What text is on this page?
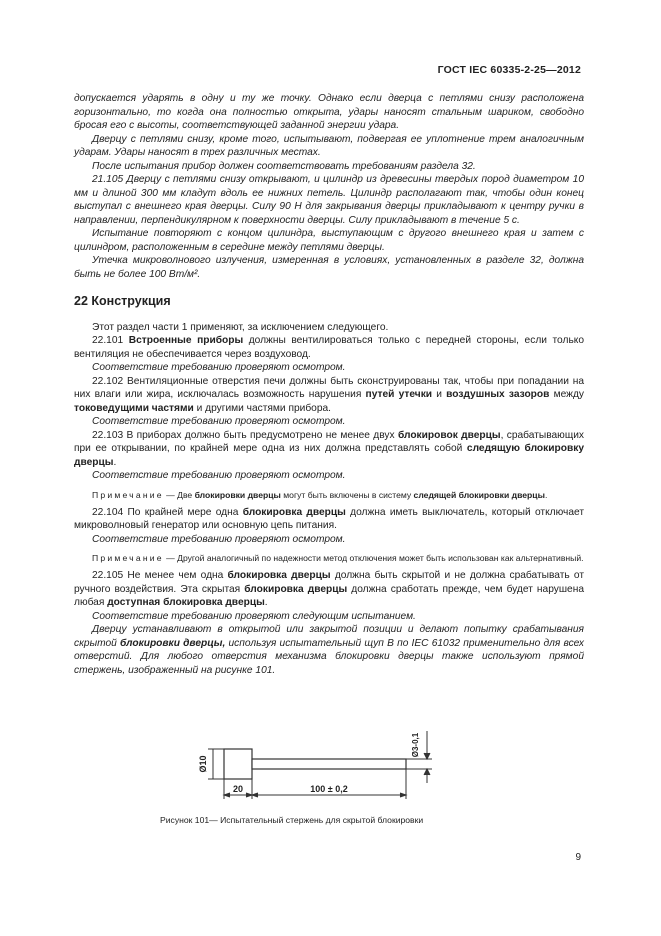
ГОСТ IEC 60335-2-25—2012

допускается ударять в одну и ту же точку. Однако если дверца с петлями снизу расположена горизонтально, то когда она полностью открыта, удары наносят стальным шариком, свободно бросая его с высоты, соответствующей заданной энергии удара.

Дверцу с петлями снизу, кроме того, испытывают, подвергая ее уплотнение трем аналогичным ударам. Удары наносят в трех различных местах.

После испытания прибор должен соответствовать требованиям раздела 32.

21.105 Дверцу с петлями снизу открывают, и цилиндр из древесины твердых пород диаметром 10 мм и длиной 300 мм кладут вдоль ее нижних петель. Цилиндр располагают так, чтобы один конец выступал с внешнего края дверцы. Силу 90 Н для закрывания дверцы прикладывают к центру ручки в направлении, перпендикулярном к поверхности дверцы. Силу прикладывают в течение 5 с.

Испытание повторяют с концом цилиндра, выступающим с другого внешнего края и затем с цилиндром, расположенным в середине между петлями дверцы.

Утечка микроволнового излучения, измеренная в условиях, установленных в разделе 32, должна быть не более 100 Вт/м².

22 Конструкция

Этот раздел части 1 применяют, за исключением следующего.

22.101 Встроенные приборы должны вентилироваться только с передней стороны, если только вентиляция не обеспечивается через воздуховод.

Соответствие требованию проверяют осмотром.

22.102 Вентиляционные отверстия печи должны быть сконструированы так, чтобы при попадании на них влаги или жира, исключалась возможность нарушения путей утечки и воздушных зазоров между токоведущими частями и другими частями прибора.

Соответствие требованию проверяют осмотром.

22.103 В приборах должно быть предусмотрено не менее двух блокировок дверцы, срабатывающих при ее открывании, по крайней мере одна из них должна представлять собой следящую блокировку дверцы.

Соответствие требованию проверяют осмотром.

Примечание — Две блокировки дверцы могут быть включены в систему следящей блокировки дверцы.

22.104 По крайней мере одна блокировка дверцы должна иметь выключатель, который отключает микроволновый генератор или основную цепь питания.

Соответствие требованию проверяют осмотром.

Примечание — Другой аналогичный по надежности метод отключения может быть использован как альтернативный.

22.105 Не менее чем одна блокировка дверцы должна быть скрытой и не должна срабатывать от ручного воздействия. Эта скрытая блокировка дверцы должна сработать прежде, чем будет нарушена любая доступная блокировка дверцы.

Соответствие требованию проверяют следующим испытанием.

Дверцу устанавливают в открытой или закрытой позиции и делают попытку срабатывания скрытой блокировки дверцы, используя испытательный щуп В по IEC 61032 применительно для всех отверстий. Для любого отверстия механизма блокировки дверцы также используют прямой стержень, изображенный на рисунке 101.

Ø10
Ø3-0,1
20	100 ± 0,2
Рисунок 101— Испытательный стержень для скрытой блокировки
9
